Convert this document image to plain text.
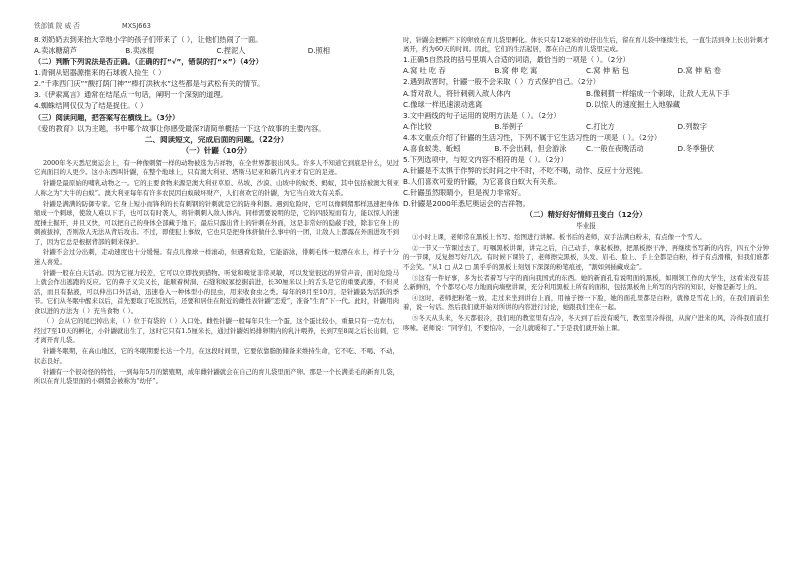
铁郃镇 院 威 否	MXSJ663
8.刘奶奶去到来抬大幸地小学的孩子们带来了（ ），让他们热闹了一面。
A.卖冰糖葫芦	B.卖冰棍	C.捏泥人	D.照相
（二）判断下列说法是否正确。（正确的打“√”，错误的打“×”）（4分）
1.青铜从铝器源推来的石球被人捡生（ ）
2.“千乖西门庆”“酸打荫门神”“棒打洪秋水”这些都是与武松有关的情节。
3.《伊索寓言》通常在结尾点一句话，阐明一个深刻的道理。
4.蜘蛛结网仅仅为了结是捉住。（ ）
（三）阅读问题，把答案写在横线上。（3分）
《爱的教育》以为主题，书中哪个故事让你感受最深?请简单概括一下这个故事的主要内容。
二、阅读短文，完成后面的问题。（22分）
（一）针鼹（10分）

2000年冬天悉尼奥运会上，有一种像刺猬一样的动物被选为吉祥物，在全世界都很出风头。许多人不知道它到底是什么，见过它真面目的人更少。这小东西叫针鼹，在整个地球上，只有澳大利亚、塔斯马尼亚和新几内亚才有它的足迹。

针鼹是最原始的哺乳动物之一。它的主要食物来源是澳大利亚草原、丛坡、沙漠、山坡中的蚁类、蚂蚁，其中包括被澳大利亚人称之为“大牛的白蚁”。澳大利亚每年有许多农民因白蚁破坏财产，人们喜欢它的针鼹，为它当自效大有关系。

针鼹是满满的防御专家。它身上短小而锋利的长有刺钢的针刺就是它的防身利器。遇到危险时，它可以像刺猬那样迅速把身体缩成一个刺球，使敌人难以下手，也可以有时袭人，将针刺刺入敌人体内。同样需要说明的是，它的四肢短而有力，能以惊人的速度捶土掘开，并且又快，可以把自己的身体全部藏于地下，最后只露出背上的针刺在外面，这是非常好的隐蔽手段，除非它身上的刺被拔掉，否则敌人无法从背后攻击。不过，即使犯上事故，它也只是把身体挤做什么事中的一团，让敌人上都露在外面进攻不到了，因为它总是根据背部的刺来保护。

针鼹不会过分出刺，走动速度也十分缓慢。有点儿像球一样滚动，但遇着危险，它能游泳，俳刺毛体一般漂在水上，样子十分迷人喜爱。

针鼹一般在白天活动。因为它视力较差，它可以立即找到猎物。听觉和嗅觉非常灵敏，可以发觉很远的异常声音，面对危险马上就会作出逃跑的反应。它的鼻子又尖又长，能顺着树洞、石缝和蚁冢挖掘前进，长30厘米以上的舌头是它的重要武器，不但灵活，而且有黏液，可以伸出口外活动，迅速卷入一种体型小的昆虫，用来收食虫之类。每年的8月至10月，是针鼹最为活跃的季节。它们从冬眠中醒来以后，首先要取了吃饭然后，还要和居住在附近的雌性表针鼹“恋爱”，准备“生育”下一代。此时，针鼹用肉食以进的方法为（ ）充当食物（ ）。

（ ）会从它的尾巴掉出来，（ ）位于有袋的（ ）入口处。雌性针鼹一般每年只生一个蛋，这个蛋比较小，重量只有一克左右，经过7至10天的孵化，小针鼹就出生了，这时它只有1.5厘米长，通过针鼹妈妈排卵期内的乳汁喂养，长到7至8周之后长出刺，它才离开育儿袋。

针鼹冬眠期，在高山地区，它的冬眠期要长达一个月，在这段时间里，它要依靠脂肪储备来维持生命，它不吃、不喝、不动，状态良好。

针鼹有一个很奇怪的特性，一到每年5月的繁殖期，成年雌针鼹就会在自己的育儿袋里面产卵。那是一个长满柔毛的新育儿袋，所以在育儿袋里面的小刺猬会被称为“幼仔”。

时，针鼹会把孵产下的卵放在育儿袋里孵化。体长只有12毫米的幼仔出生后，留在育儿袋中继续生长，一直生活到身上长出针刺才离开，约为60天的时间。因此，它们的生活起居，都在自己的育儿袋里完成。

1.正确5自然段的括号里填入合适的词语，最恰当的一项是（ ）。（2分）
A.窝 吐 吃 吞	B.窝 伸 吃 寓	C.窝 伸 粘 包	D.窝 伸 粘 卷
2.遇到敌害时，针鼹一般不会采取（ ）方式保护自己。（2分）
A.背对敌人，将针刺刺入敌人体内	B.像刺猬一样缩成一个刺球，让敌人无从下手
C.像球一样迅速滚动逃离	D.以惊人的速度掘土入地躲藏
3.文中画线的句子运用的说明方法是（ ）。（2分）
A.作比较	B.举例子	C.打比方	D.列数字
4.本文重点介绍了针鼹的生活习性，下列不属于它生活习性的一项是（ ）。（2分）
A.喜食蚁类、蚯蚓	B.不会出刺，但会游泳	C.一般在夜晚活动	D.冬季蛰伏
5.下列选项中，与短文内容不相符的是（ ）。（2分）
A.针鼹是不太惧于作弊的长时间之中不时，不吃不喝，动作、反应十分迟钝。
B.人们喜欢可爱的针鼹，为它喜食白蚁大有关系。
C.针鼹虽然眼睛小，但是视力非常好。
D.针鼹是2000年悉尼奥运会的吉祥物。
（二）精好好好情师丑变白（12分）
毕业报

①小时上课，老师常在黑板上书写、绘图进行讲解。板书后的老师，双手沾满白粉末，有点像一个雪人。

②一节又一节课过去了，叮嘱黑板讲课，讲完之后，自己动手，拿起板擦，把黑板擦干净，再继续书写新的内容，四五个分钟的一节课，反复擦写好几次。有时候下课铃了，老师擦完黑板，头发、眉毛、脸上、手上全都是白粉，样子有点滑稽，但我们谁都不会笑。“从1 □ 从2 □ 黑乎乎的黑板上刻划下深深的粉笔痕迹，“割如剑插藏成金”。

③这有一件好事，多为长者着写与字的面向我国式的东西。她的新面孔有说明面的黑板，如刚领工作的大学生，这看来没有甚么新鲜的，个个都尽心尽力地面向墙壁讲课，充分利用黑板上所有的面积，包括黑板角上所写的内容的知识，好像是新写上的。

④这时，老师把粉笔一放，走过来坐到讲台上面，用袖子擦一下脸，她的面孔里都是白粉，就像是雪花上的，在我们面前坐着，说一句话。然后我们就开始对所讲的内容进行讨论，她跟我们坐在一起。

⑤冬天从头来，冬天都很冷，我们班的教室里有点冷，冬天到了后没有暖气，教室里冷得很，从窗户进来的风，冷得我们直打哆嗦。老师说：“同学们，不要怕冷，一会儿就暖和了。”于是我们就开始上课。
